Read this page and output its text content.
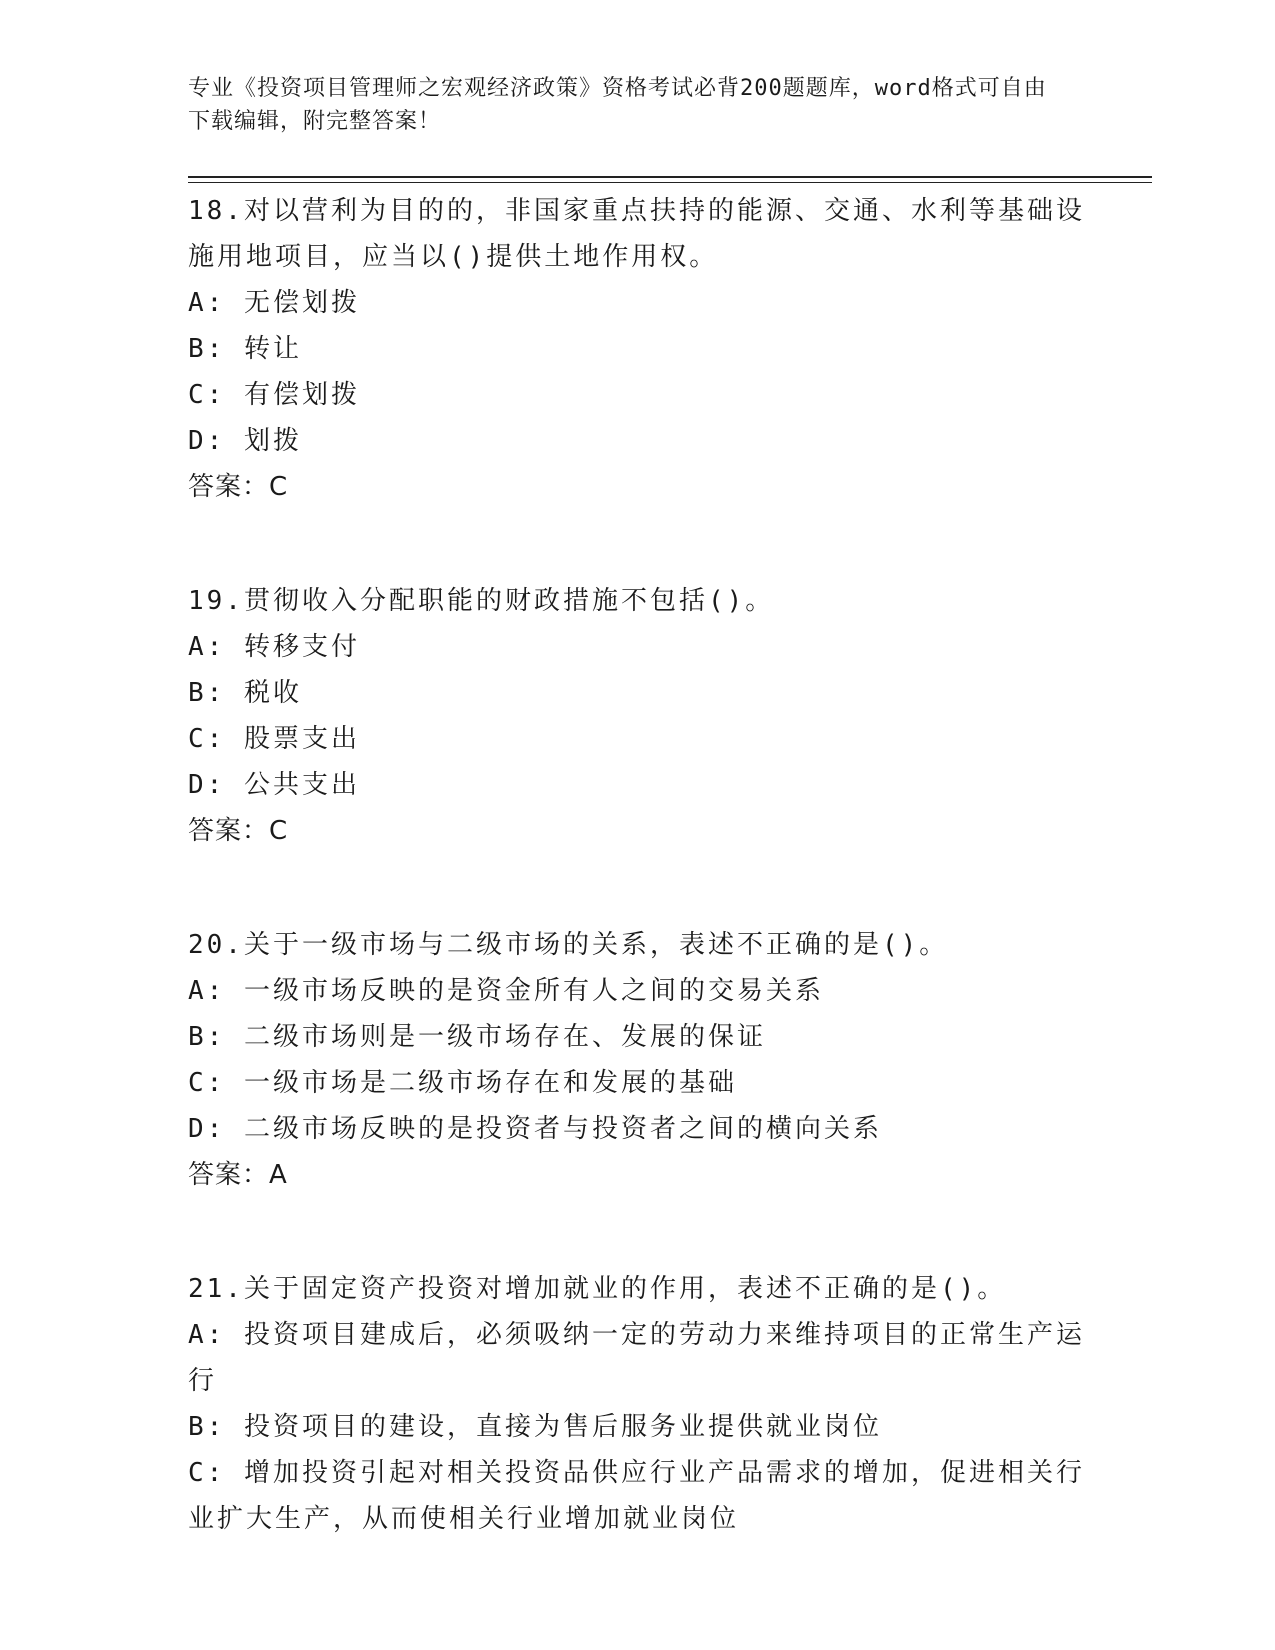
专业《投资项目管理师之宏观经济政策》资格考试必背200题题库，word格式可自由下载编辑，附完整答案！

18.对以营利为目的的，非国家重点扶持的能源、交通、水利等基础设施用地项目，应当以()提供土地作用权。

A: 无偿划拨

B: 转让

C: 有偿划拨

D: 划拨

答案：C

19.贯彻收入分配职能的财政措施不包括()。

A: 转移支付

B: 税收

C: 股票支出

D: 公共支出

答案：C

20.关于一级市场与二级市场的关系，表述不正确的是()。

A: 一级市场反映的是资金所有人之间的交易关系

B: 二级市场则是一级市场存在、发展的保证

C: 一级市场是二级市场存在和发展的基础

D: 二级市场反映的是投资者与投资者之间的横向关系

答案：A

21.关于固定资产投资对增加就业的作用，表述不正确的是()。

A: 投资项目建成后，必须吸纳一定的劳动力来维持项目的正常生产运行

B: 投资项目的建设，直接为售后服务业提供就业岗位

C: 增加投资引起对相关投资品供应行业产品需求的增加，促进相关行业扩大生产，从而使相关行业增加就业岗位
